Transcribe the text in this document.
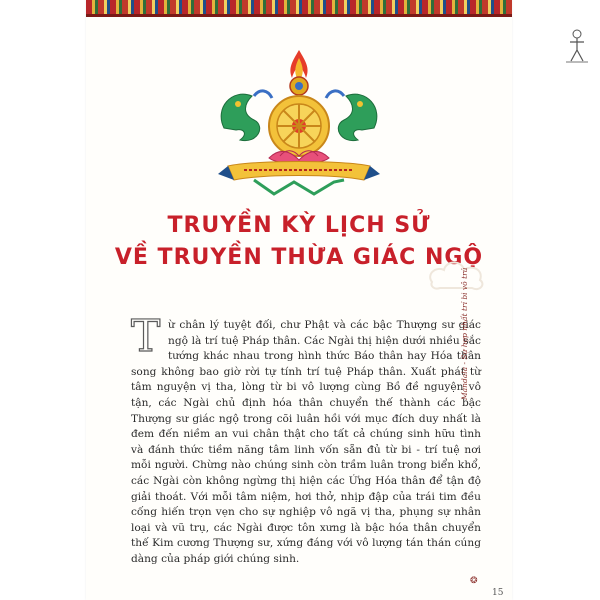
TRUYỀN KỲ LỊCH SỬ
VỀ TRUYỀN THỪA GIÁC NGỘ
Từ chân lý tuyệt đối, chư Phật và các bậc Thượng sư giác ngộ là trí tuệ Pháp thân. Các Ngài thị hiện dưới nhiều sắc tướng khác nhau trong hình thức Báo thân hay Hóa thân song không bao giờ rời tự tính trí tuệ Pháp thân. Xuất phát từ tâm nguyện vị tha, lòng từ bi vô lượng cùng Bồ đề nguyện vô tận, các Ngài chủ định hóa thân chuyển thế thành các bậc Thượng sư giác ngộ trong cõi luân hồi với mục đích duy nhất là đem đến niềm an vui chân thật cho tất cả chúng sinh hữu tình và đánh thức tiềm năng tâm linh vốn sẵn đủ từ bi - trí tuệ nơi mỗi người. Chừng nào chúng sinh còn trầm luân trong biển khổ, các Ngài còn không ngừng thị hiện các Ứng Hóa thân để tận độ giải thoát. Với mỗi tâm niệm, hơi thở, nhịp đập của trái tim đều cống hiến trọn vẹn cho sự nghiệp vô ngã vị tha, phụng sự nhân loại và vũ trụ, các Ngài được tôn xưng là bậc hóa thân chuyển thế Kim cương Thượng sư, xứng đáng với vô lượng tán thán cúng dàng của pháp giới chúng sinh.
Mandala - Sự hợp nhất trí bi vô trú
❂
15
